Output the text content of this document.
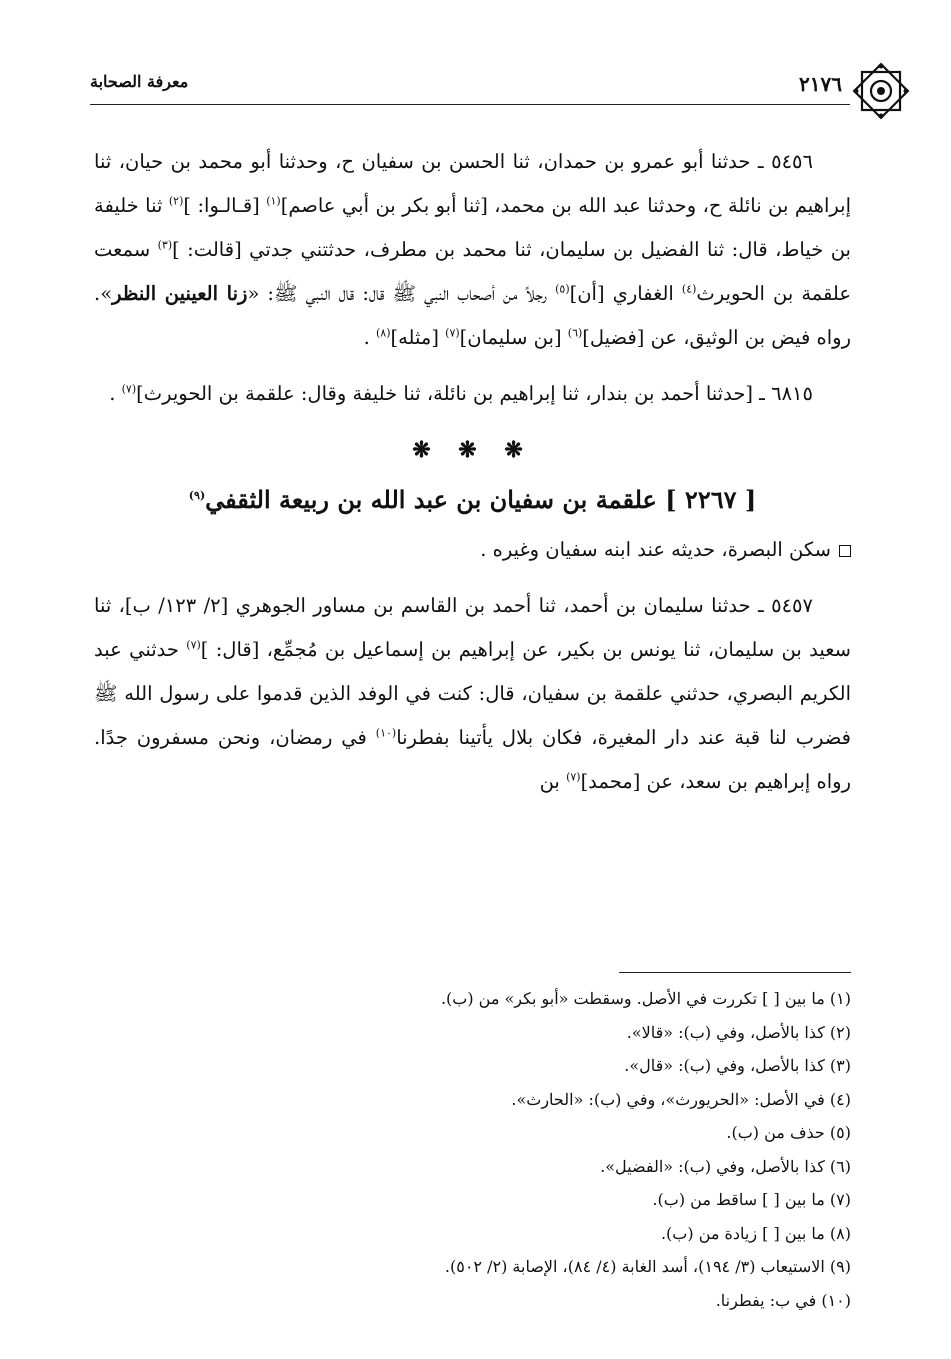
٢١٧٦
معرفة الصحابة

٥٤٥٦ ـ حدثنا أبو عمرو بن حمدان، ثنا الحسن بن سفيان ح، وحدثنا أبو محمد بن حيان، ثنا إبراهيم بن نائلة ح، وحدثنا عبد الله بن محمد، [ثنا أبو بكر بن أبي عاصم]$^{(١)}$ [قـالـوا: ]$^{(٢)}$ ثنا خليفة بن خياط، قال: ثنا الفضيل بن سليمان، ثنا محمد بن مطرف، حدثتني جدتي [قالت: ]$^{(٣)}$ سمعت علقمة بن الحويرث$^{(٤)}$ الغفاري [أن]$^{(٥)}$ رجلاً من أصحاب النبي ﷺ قال: قال النبي ﷺ: «زنا العينين النظر». رواه فيض بن الوثيق، عن [فضيل]$^{(٦)}$ [بن سليمان]$^{(٧)}$ [مثله]$^{(٨)}$ .

٦٨١٥ ـ [حدثنا أحمد بن بندار، ثنا إبراهيم بن نائلة، ثنا خليفة وقال: علقمة بن الحويرث]$^{(٧)}$ .

❋ ❋ ❋
[ ٢٢٦٧ ] علقمة بن سفيان بن عبد الله بن ربيعة الثقفي$^{(٩)}$

سكن البصرة، حديثه عند ابنه سفيان وغيره .

٥٤٥٧ ـ حدثنا سليمان بن أحمد، ثنا أحمد بن القاسم بن مساور الجوهري [٢/ ١٢٣/ ب]، ثنا سعيد بن سليمان، ثنا يونس بن بكير، عن إبراهيم بن إسماعيل بن مُجمِّع، [قال: ]$^{(٧)}$ حدثني عبد الكريم البصري، حدثني علقمة بن سفيان، قال: كنت في الوفد الذين قدموا على رسول الله ﷺ فضرب لنا قبة عند دار المغيرة، فكان بلال يأتينا بفطرنا$^{(١٠)}$ في رمضان، ونحن مسفرون جدًا. رواه إبراهيم بن سعد، عن [محمد]$^{(٧)}$ بن

(١) ما بين [ ] تكررت في الأصل. وسقطت «أبو بكر» من (ب).
(٢) كذا بالأصل، وفي (ب): «قالا».
(٣) كذا بالأصل، وفي (ب): «قال».
(٤) في الأصل: «الحريورث»، وفي (ب): «الحارث».
(٥) حذف من (ب).
(٦) كذا بالأصل، وفي (ب): «الفضيل».
(٧) ما بين [ ] ساقط من (ب).
(٨) ما بين [ ] زيادة من (ب).
(٩) الاستيعاب (٣/ ١٩٤)، أسد الغابة (٤/ ٨٤)، الإصابة (٢/ ٥٠٢).
(١٠) في ب: يفطرنا.
